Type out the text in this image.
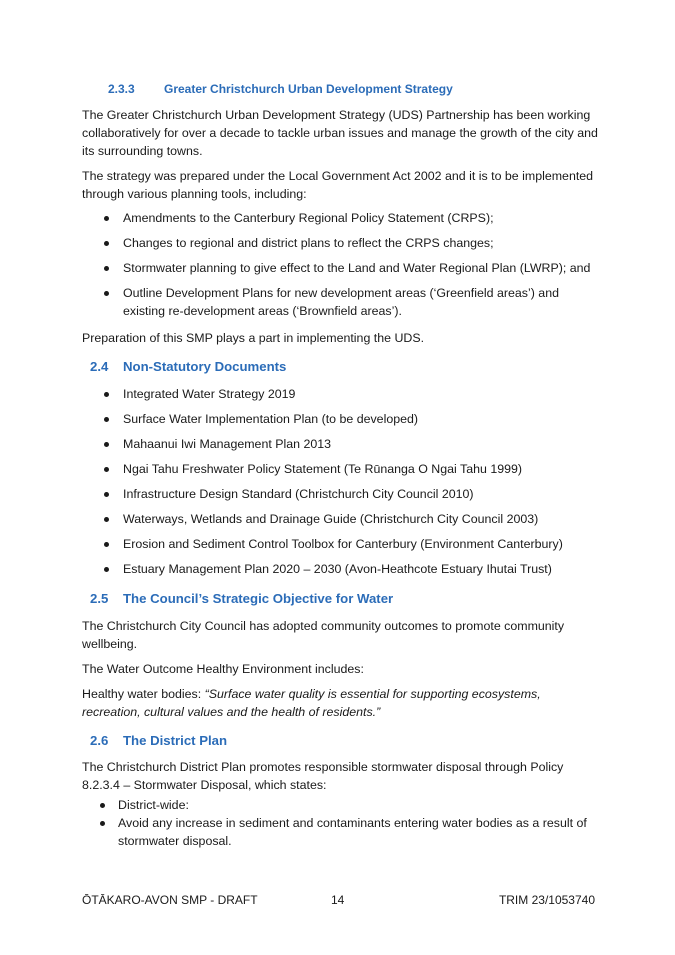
2.3.3 Greater Christchurch Urban Development Strategy

The Greater Christchurch Urban Development Strategy (UDS) Partnership has been working collaboratively for over a decade to tackle urban issues and manage the growth of the city and its surrounding towns.

The strategy was prepared under the Local Government Act 2002 and it is to be implemented through various planning tools, including:

Amendments to the Canterbury Regional Policy Statement (CRPS);
Changes to regional and district plans to reflect the CRPS changes;
Stormwater planning to give effect to the Land and Water Regional Plan (LWRP); and
Outline Development Plans for new development areas (‘Greenfield areas’) and existing re-development areas (‘Brownfield areas’).

Preparation of this SMP plays a part in implementing the UDS.

2.4 Non-Statutory Documents
Integrated Water Strategy 2019
Surface Water Implementation Plan (to be developed)
Mahaanui Iwi Management Plan 2013
Ngai Tahu Freshwater Policy Statement (Te Rūnanga O Ngai Tahu 1999)
Infrastructure Design Standard (Christchurch City Council 2010)
Waterways, Wetlands and Drainage Guide (Christchurch City Council 2003)
Erosion and Sediment Control Toolbox for Canterbury (Environment Canterbury)
Estuary Management Plan 2020 – 2030 (Avon-Heathcote Estuary Ihutai Trust)
2.5 The Council’s Strategic Objective for Water

The Christchurch City Council has adopted community outcomes to promote community wellbeing.

The Water Outcome Healthy Environment includes:

Healthy water bodies: “Surface water quality is essential for supporting ecosystems, recreation, cultural values and the health of residents.”

2.6 The District Plan

The Christchurch District Plan promotes responsible stormwater disposal through Policy 8.2.3.4 – Stormwater Disposal, which states:

District-wide:
Avoid any increase in sediment and contaminants entering water bodies as a result of stormwater disposal.

ŌTĀKARO-AVON SMP - DRAFT	14	TRIM 23/1053740
